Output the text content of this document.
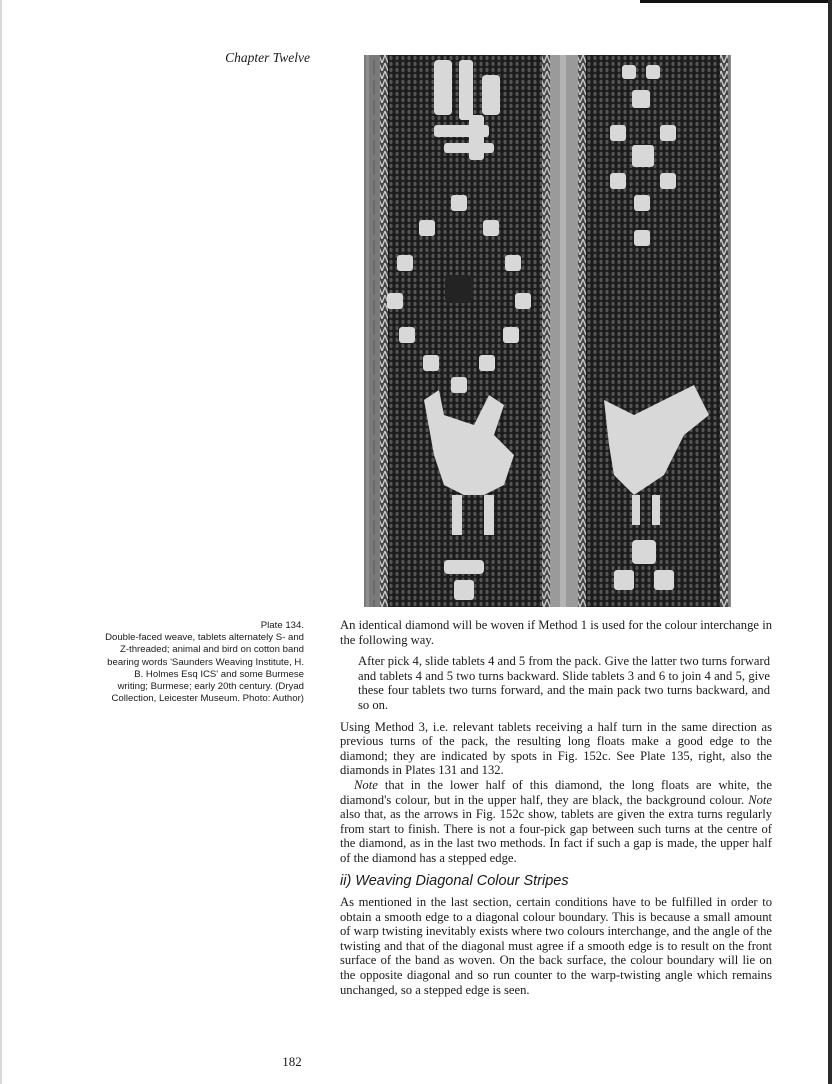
Chapter Twelve
Plate 134.
Double-faced weave, tablets alternately S- and Z-threaded; animal and bird on cotton band bearing words 'Saunders Weaving Institute, H. B. Holmes Esq ICS' and some Burmese writing; Burmese; early 20th century. (Dryad Collection, Leicester Museum. Photo: Author)

An identical diamond will be woven if Method 1 is used for the colour interchange in the following way.

After pick 4, slide tablets 4 and 5 from the pack. Give the latter two turns forward and tablets 4 and 5 two turns backward. Slide tablets 3 and 6 to join 4 and 5, give these four tablets two turns forward, and the main pack two turns backward, and so on.

Using Method 3, i.e. relevant tablets receiving a half turn in the same direction as previous turns of the pack, the resulting long floats make a good edge to the diamond; they are indicated by spots in Fig. 152c. See Plate 135, right, also the diamonds in Plates 131 and 132.

Note that in the lower half of this diamond, the long floats are white, the diamond's colour, but in the upper half, they are black, the background colour. Note also that, as the arrows in Fig. 152c show, tablets are given the extra turns regularly from start to finish. There is not a four-pick gap between such turns at the centre of the diamond, as in the last two methods. In fact if such a gap is made, the upper half of the diamond has a stepped edge.

ii) Weaving Diagonal Colour Stripes

As mentioned in the last section, certain conditions have to be fulfilled in order to obtain a smooth edge to a diagonal colour boundary. This is because a small amount of warp twisting inevitably exists where two colours interchange, and the angle of the twisting and that of the diagonal must agree if a smooth edge is to result on the front surface of the band as woven. On the back surface, the colour boundary will lie on the opposite diagonal and so run counter to the warp-twisting angle which remains unchanged, so a stepped edge is seen.

182
